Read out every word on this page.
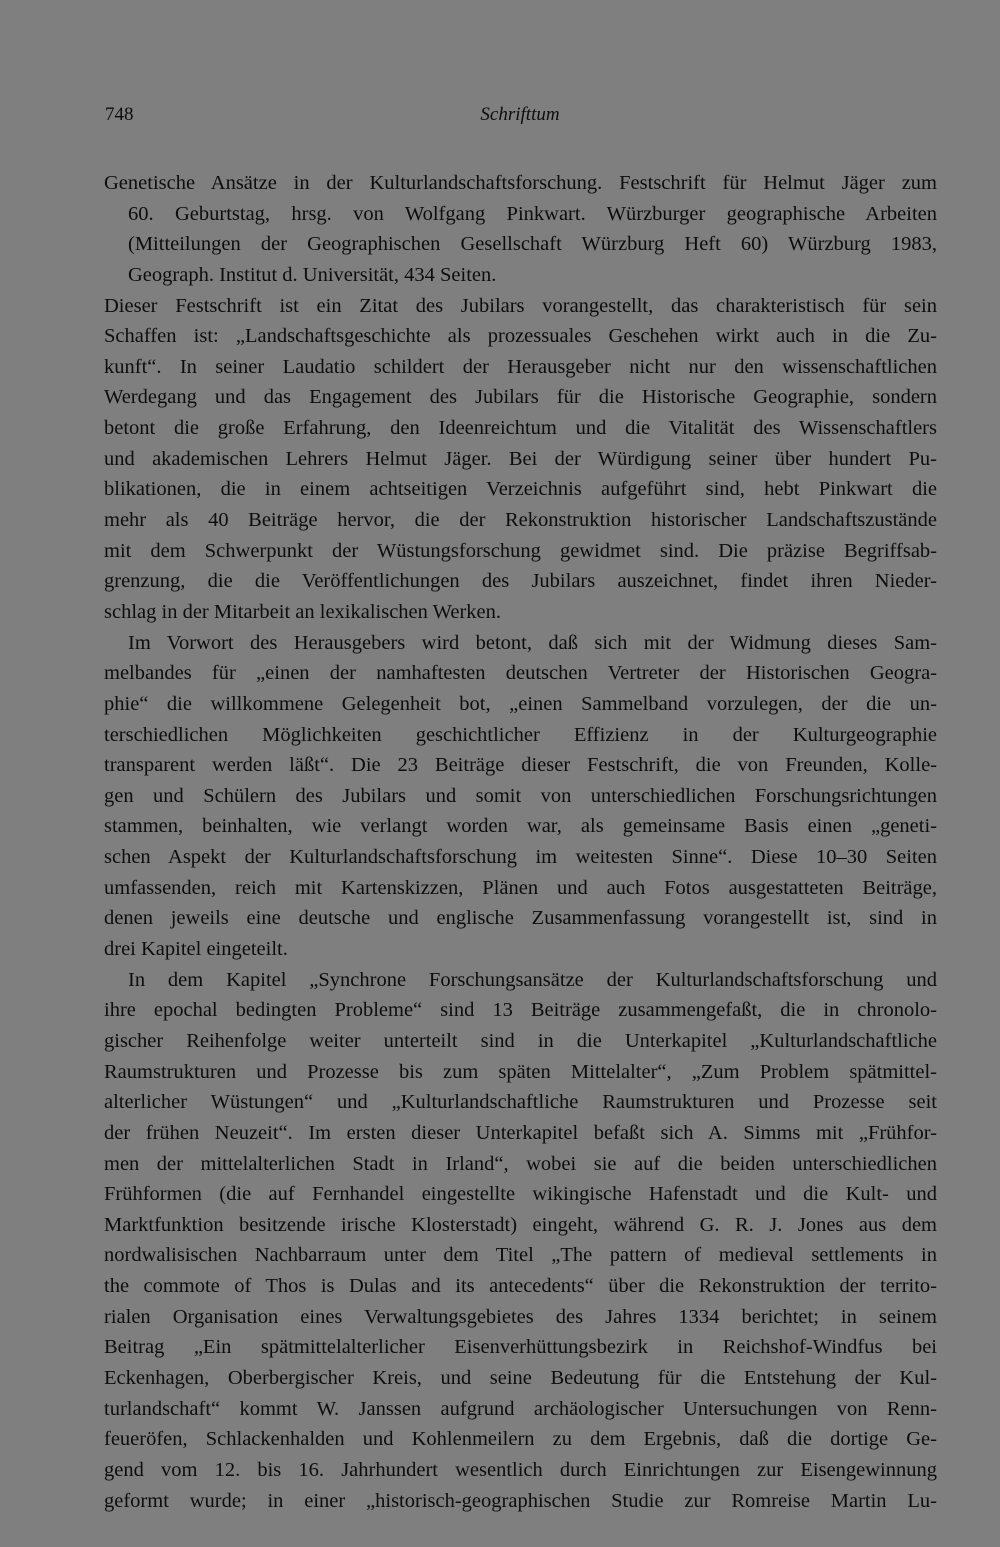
748	Schrifttum
Genetische Ansätze in der Kulturlandschaftsforschung. Festschrift für Helmut Jäger zum
60. Geburtstag, hrsg. von Wolfgang Pinkwart. Würzburger geographische Arbeiten
(Mitteilungen der Geographischen Gesellschaft Würzburg Heft 60) Würzburg 1983,
Geograph. Institut d. Universität, 434 Seiten.
Dieser Festschrift ist ein Zitat des Jubilars vorangestellt, das charakteristisch für sein
Schaffen ist: „Landschaftsgeschichte als prozessuales Geschehen wirkt auch in die Zu-
kunft“. In seiner Laudatio schildert der Herausgeber nicht nur den wissenschaftlichen
Werdegang und das Engagement des Jubilars für die Historische Geographie, sondern
betont die große Erfahrung, den Ideenreichtum und die Vitalität des Wissenschaftlers
und akademischen Lehrers Helmut Jäger. Bei der Würdigung seiner über hundert Pu-
blikationen, die in einem achtseitigen Verzeichnis aufgeführt sind, hebt Pinkwart die
mehr als 40 Beiträge hervor, die der Rekonstruktion historischer Landschaftszustände
mit dem Schwerpunkt der Wüstungsforschung gewidmet sind. Die präzise Begriffsab-
grenzung, die die Veröffentlichungen des Jubilars auszeichnet, findet ihren Nieder-
schlag in der Mitarbeit an lexikalischen Werken.
Im Vorwort des Herausgebers wird betont, daß sich mit der Widmung dieses Sam-
melbandes für „einen der namhaftesten deutschen Vertreter der Historischen Geogra-
phie“ die willkommene Gelegenheit bot, „einen Sammelband vorzulegen, der die un-
terschiedlichen Möglichkeiten geschichtlicher Effizienz in der Kulturgeographie
transparent werden läßt“. Die 23 Beiträge dieser Festschrift, die von Freunden, Kolle-
gen und Schülern des Jubilars und somit von unterschiedlichen Forschungsrichtungen
stammen, beinhalten, wie verlangt worden war, als gemeinsame Basis einen „geneti-
schen Aspekt der Kulturlandschaftsforschung im weitesten Sinne“. Diese 10–30 Seiten
umfassenden, reich mit Kartenskizzen, Plänen und auch Fotos ausgestatteten Beiträge,
denen jeweils eine deutsche und englische Zusammenfassung vorangestellt ist, sind in
drei Kapitel eingeteilt.
In dem Kapitel „Synchrone Forschungsansätze der Kulturlandschaftsforschung und
ihre epochal bedingten Probleme“ sind 13 Beiträge zusammengefaßt, die in chronolo-
gischer Reihenfolge weiter unterteilt sind in die Unterkapitel „Kulturlandschaftliche
Raumstrukturen und Prozesse bis zum späten Mittelalter“, „Zum Problem spätmittel-
alterlicher Wüstungen“ und „Kulturlandschaftliche Raumstrukturen und Prozesse seit
der frühen Neuzeit“. Im ersten dieser Unterkapitel befaßt sich A. Simms mit „Frühfor-
men der mittelalterlichen Stadt in Irland“, wobei sie auf die beiden unterschiedlichen
Frühformen (die auf Fernhandel eingestellte wikingische Hafenstadt und die Kult- und
Marktfunktion besitzende irische Klosterstadt) eingeht, während G. R. J. Jones aus dem
nordwalisischen Nachbarraum unter dem Titel „The pattern of medieval settlements in
the commote of Thos is Dulas and its antecedents“ über die Rekonstruktion der territo-
rialen Organisation eines Verwaltungsgebietes des Jahres 1334 berichtet; in seinem
Beitrag „Ein spätmittelalterlicher Eisenverhüttungsbezirk in Reichshof-Windfus bei
Eckenhagen, Oberbergischer Kreis, und seine Bedeutung für die Entstehung der Kul-
turlandschaft“ kommt W. Janssen aufgrund archäologischer Untersuchungen von Renn-
feueröfen, Schlackenhalden und Kohlenmeilern zu dem Ergebnis, daß die dortige Ge-
gend vom 12. bis 16. Jahrhundert wesentlich durch Einrichtungen zur Eisengewinnung
geformt wurde; in einer „historisch-geographischen Studie zur Romreise Martin Lu-
